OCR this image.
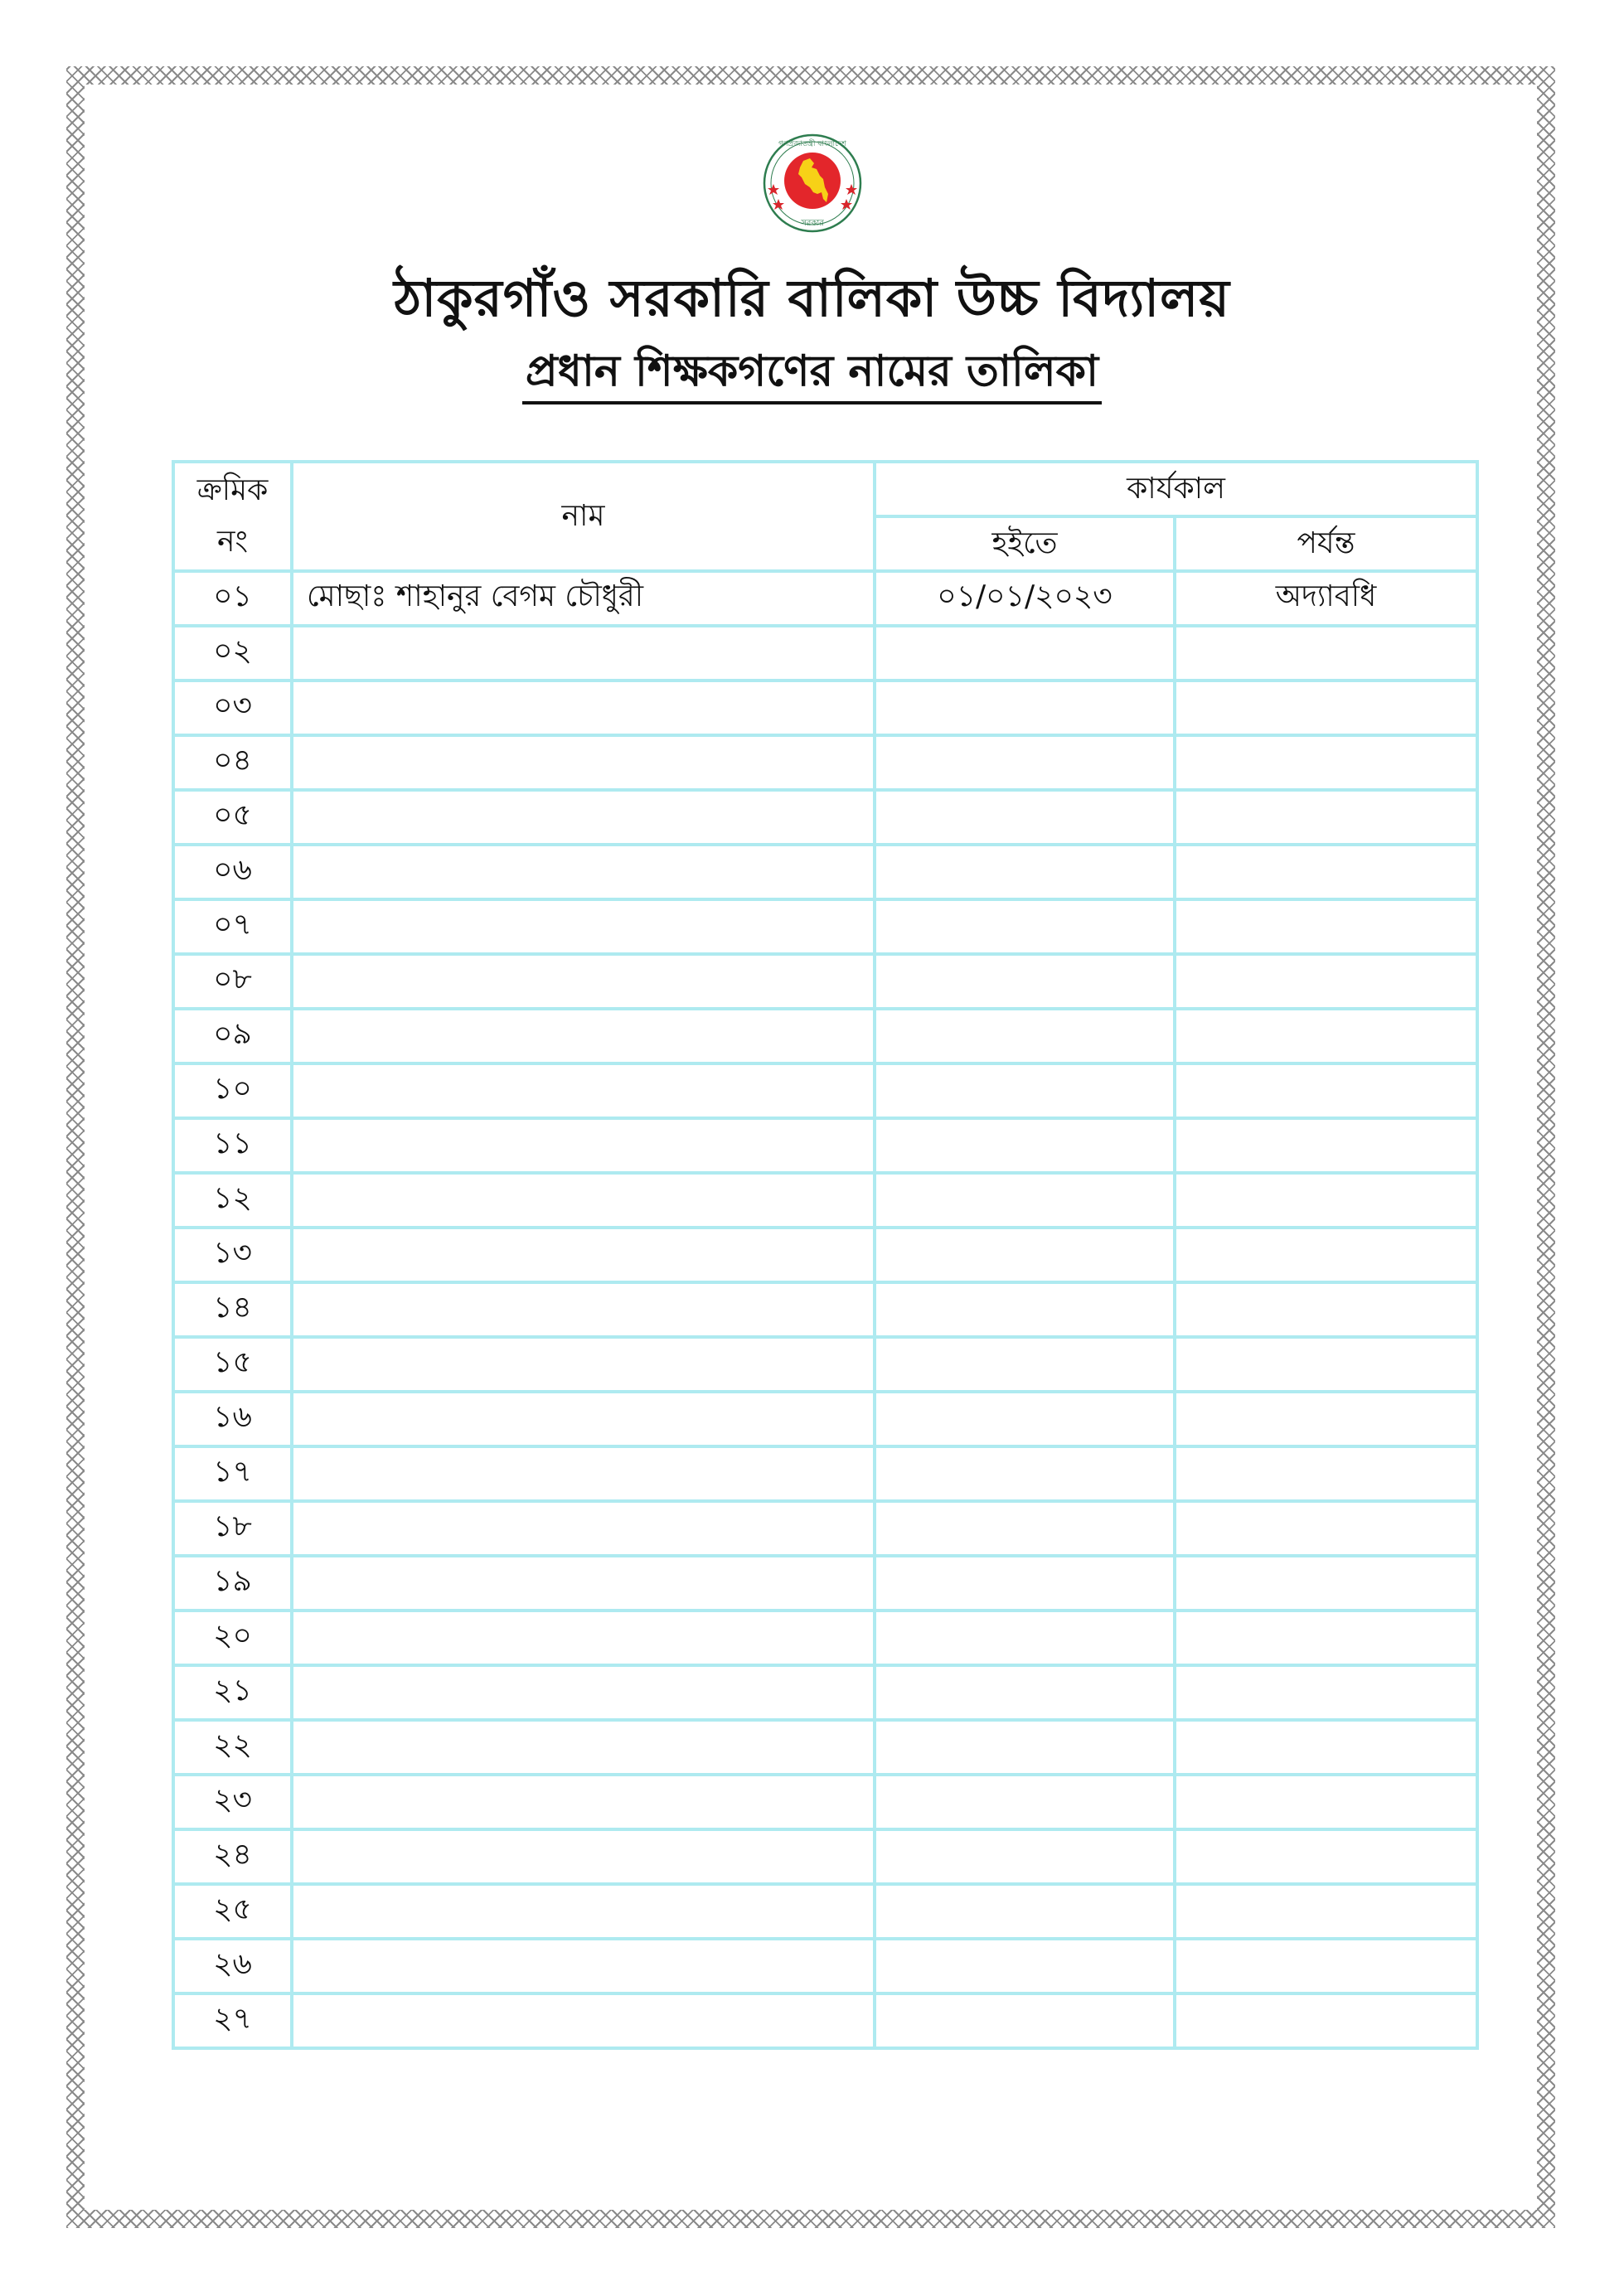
গণপ্রজাতন্ত্রী বাংলাদেশ
সরকার
ঠাকুরগাঁও সরকারি বালিকা উচ্চ বিদ্যালয়
প্রধান শিক্ষকগণের নামের তালিকা
ক্রমিক
নং	নাম	কার্যকাল	
		হইতে	পর্যন্ত
০১	মোছাঃ শাহানুর বেগম চৌধুরী	০১/০১/২০২৩	অদ্যাবধি
০২			
০৩			
০৪			
০৫			
০৬			
০৭			
০৮			
০৯			
১০			
১১			
১২			
১৩			
১৪			
১৫			
১৬			
১৭			
১৮			
১৯			
২০			
২১			
২২			
২৩			
২৪			
২৫			
২৬			
২৭			
